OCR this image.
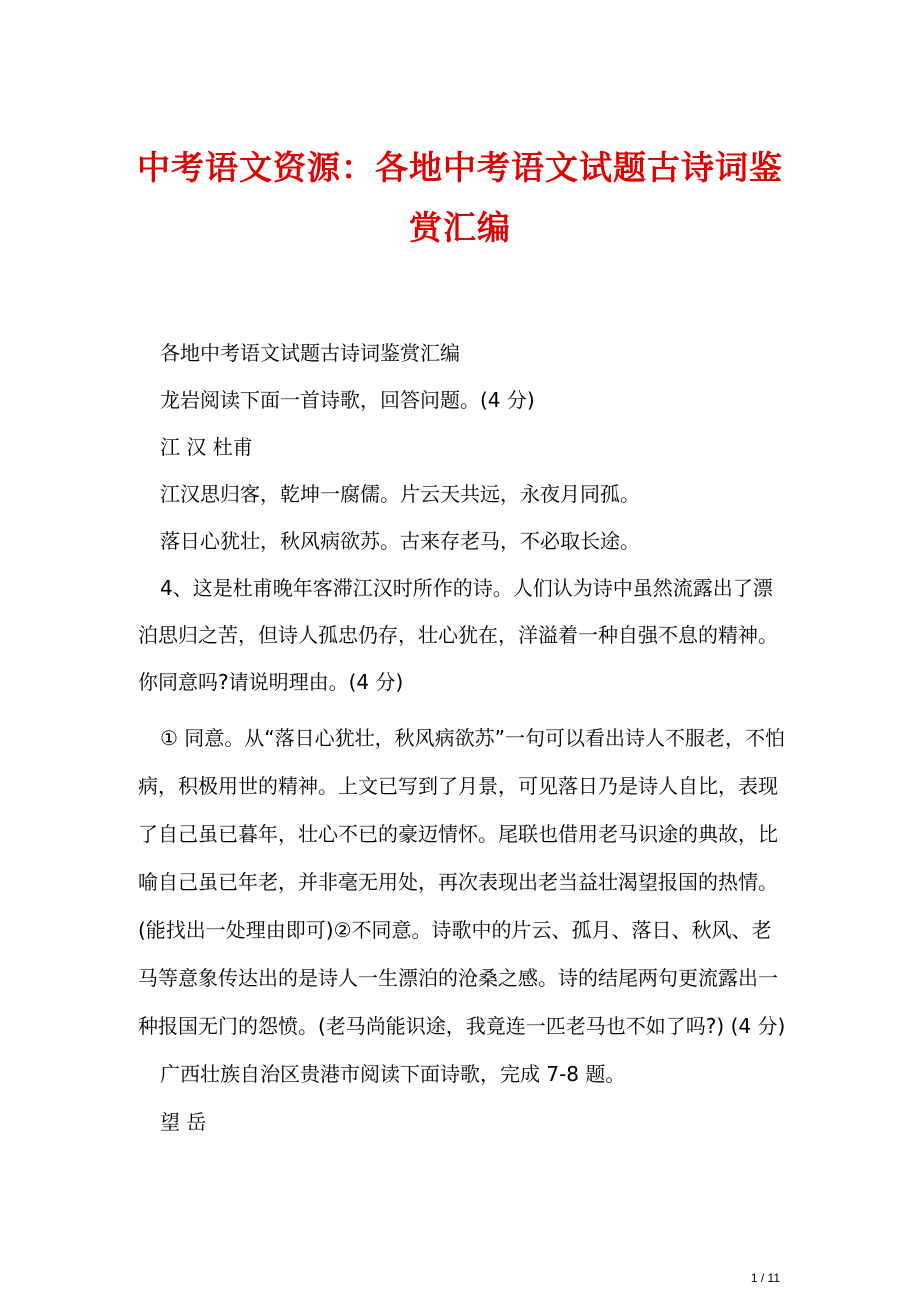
中考语文资源：各地中考语文试题古诗词鉴
赏汇编

各地中考语文试题古诗词鉴赏汇编

龙岩阅读下面一首诗歌，回答问题。(4 分)

江 汉 杜甫

江汉思归客，乾坤一腐儒。片云天共远，永夜月同孤。

落日心犹壮，秋风病欲苏。古来存老马，不必取长途。

4、这是杜甫晚年客滞江汉时所作的诗。人们认为诗中虽然流露出了漂泊思归之苦，但诗人孤忠仍存，壮心犹在，洋溢着一种自强不息的精神。你同意吗?请说明理由。(4 分)

① 同意。从“落日心犹壮，秋风病欲苏”一句可以看出诗人不服老，不怕病，积极用世的精神。上文已写到了月景，可见落日乃是诗人自比，表现了自己虽已暮年，壮心不已的豪迈情怀。尾联也借用老马识途的典故，比喻自己虽已年老，并非毫无用处，再次表现出老当益壮渴望报国的热情。(能找出一处理由即可)②不同意。诗歌中的片云、孤月、落日、秋风、老马等意象传达出的是诗人一生漂泊的沧桑之感。诗的结尾两句更流露出一种报国无门的怨愤。(老马尚能识途，我竟连一匹老马也不如了吗?) (4 分)

广西壮族自治区贵港市阅读下面诗歌，完成 7-8 题。

望 岳

1 / 11
